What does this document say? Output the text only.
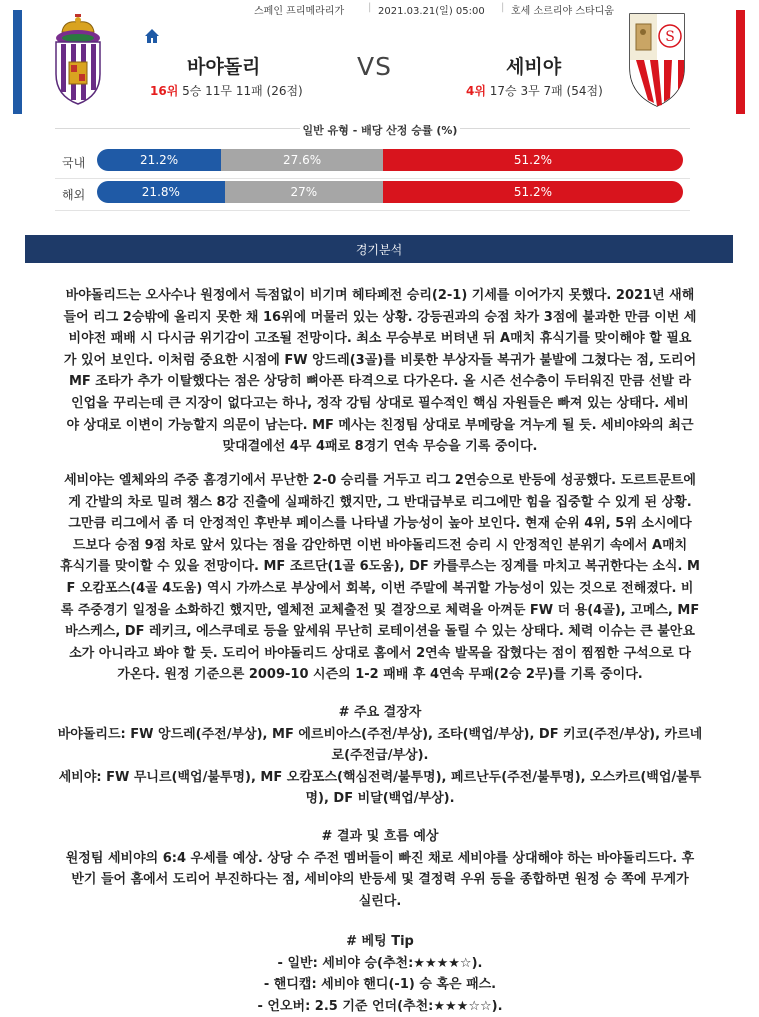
스페인 프리메라리가 | 2021.03.21(일) 05:00 | 호세 소르리야 스타디움
바야돌리	VS	세비야
16위 5승 11무 11패 (26점)	4위 17승 3무 7패 (54점)
S
일반 유형 - 배당 산정 승률 (%)
국내	21.2%	27.6%	51.2%
해외	21.8%	27%	51.2%
경기분석
바야돌리드는 오사수나 원정에서 득점없이 비기며 헤타페전 승리(2-1) 기세를 이어가지 못했다. 2021년 새해
들어 리그 2승밖에 올리지 못한 채 16위에 머물러 있는 상황. 강등권과의 승점 차가 3점에 불과한 만큼 이번 세
비야전 패배 시 다시금 위기감이 고조될 전망이다. 최소 무승부로 버텨낸 뒤 A매치 휴식기를 맞이해야 할 필요
가 있어 보인다. 이처럼 중요한 시점에 FW 앙드레(3골)를 비롯한 부상자들 복귀가 불발에 그쳤다는 점, 도리어
MF 조타가 추가 이탈했다는 점은 상당히 뼈아픈 타격으로 다가온다. 올 시즌 선수층이 두터워진 만큼 선발 라
인업을 꾸리는데 큰 지장이 없다고는 하나, 정작 강팀 상대로 필수적인 핵심 자원들은 빠져 있는 상태다. 세비
야 상대로 이변이 가능할지 의문이 남는다. MF 메사는 친정팀 상대로 부메랑을 겨누게 될 듯. 세비야와의 최근
맞대결에선 4무 4패로 8경기 연속 무승을 기록 중이다.
세비야는 엘체와의 주중 홈경기에서 무난한 2-0 승리를 거두고 리그 2연승으로 반등에 성공했다. 도르트문트에
게 간발의 차로 밀려 챔스 8강 진출에 실패하긴 했지만, 그 반대급부로 리그에만 힘을 집중할 수 있게 된 상황.
그만큼 리그에서 좀 더 안정적인 후반부 페이스를 나타낼 가능성이 높아 보인다. 현재 순위 4위, 5위 소시에다
드보다 승점 9점 차로 앞서 있다는 점을 감안하면 이번 바야돌리드전 승리 시 안정적인 분위기 속에서 A매치
휴식기를 맞이할 수 있을 전망이다. MF 조르단(1골 6도움), DF 카를루스는 징계를 마치고 복귀한다는 소식. M
F 오캄포스(4골 4도움) 역시 가까스로 부상에서 회복, 이번 주말에 복귀할 가능성이 있는 것으로 전해졌다. 비
록 주중경기 일정을 소화하긴 했지만, 엘체전 교체출전 및 결장으로 체력을 아껴둔 FW 더 용(4골), 고메스, MF
바스케스, DF 레키크, 에스쿠데로 등을 앞세워 무난히 로테이션을 돌릴 수 있는 상태다. 체력 이슈는 큰 불안요
소가 아니라고 봐야 할 듯. 도리어 바야돌리드 상대로 홈에서 2연속 발목을 잡혔다는 점이 찜찜한 구석으로 다
가온다. 원정 기준으론 2009-10 시즌의 1-2 패배 후 4연속 무패(2승 2무)를 기록 중이다.
# 주요 결장자
바야돌리드: FW 앙드레(주전/부상), MF 에르비아스(주전/부상), 조타(백업/부상), DF 키코(주전/부상), 카르네
로(주전급/부상).
세비야: FW 무니르(백업/불투명), MF 오캄포스(핵심전력/불투명), 페르난두(주전/불투명), 오스카르(백업/불투
명), DF 비달(백업/부상).
# 결과 및 흐름 예상
원정팀 세비야의 6:4 우세를 예상. 상당 수 주전 멤버들이 빠진 채로 세비야를 상대해야 하는 바야돌리드다. 후
반기 들어 홈에서 도리어 부진하다는 점, 세비야의 반등세 및 결정력 우위 등을 종합하면 원정 승 쪽에 무게가
실린다.
# 베팅 Tip
- 일반: 세비야 승(추천:★★★★☆).
- 핸디캡: 세비야 핸디(-1) 승 혹은 패스.
- 언오버: 2.5 기준 언더(추천:★★★☆☆).
